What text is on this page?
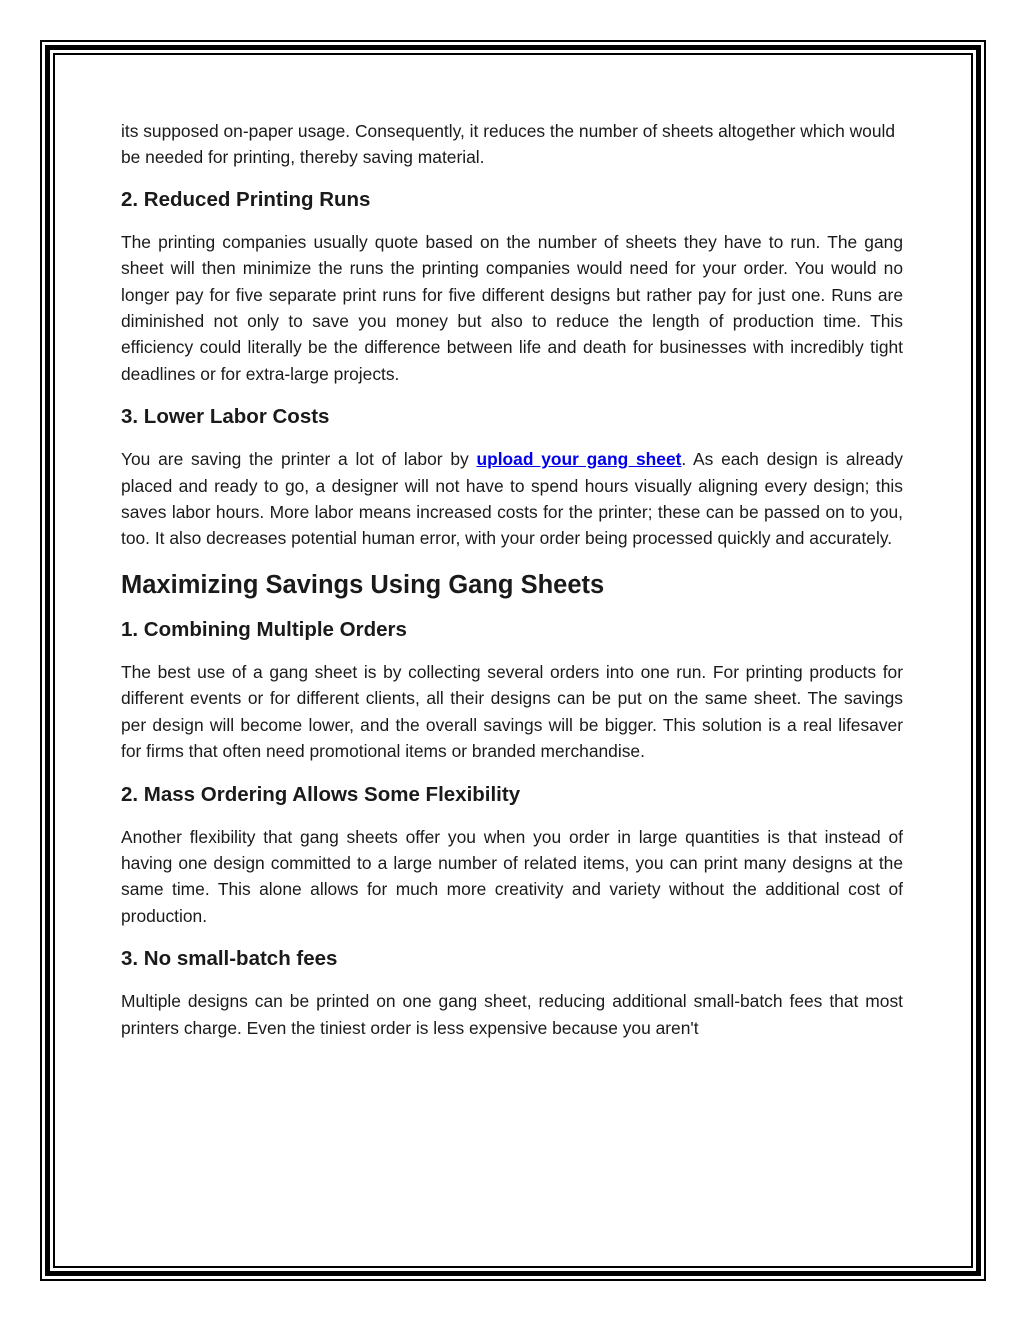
its supposed on-paper usage. Consequently, it reduces the number of sheets altogether which would be needed for printing, thereby saving material.

2. Reduced Printing Runs

The printing companies usually quote based on the number of sheets they have to run. The gang sheet will then minimize the runs the printing companies would need for your order. You would no longer pay for five separate print runs for five different designs but rather pay for just one. Runs are diminished not only to save you money but also to reduce the length of production time. This efficiency could literally be the difference between life and death for businesses with incredibly tight deadlines or for extra-large projects.

3. Lower Labor Costs

You are saving the printer a lot of labor by upload your gang sheet. As each design is already placed and ready to go, a designer will not have to spend hours visually aligning every design; this saves labor hours. More labor means increased costs for the printer; these can be passed on to you, too. It also decreases potential human error, with your order being processed quickly and accurately.

Maximizing Savings Using Gang Sheets
1. Combining Multiple Orders

The best use of a gang sheet is by collecting several orders into one run. For printing products for different events or for different clients, all their designs can be put on the same sheet. The savings per design will become lower, and the overall savings will be bigger. This solution is a real lifesaver for firms that often need promotional items or branded merchandise.

2. Mass Ordering Allows Some Flexibility

Another flexibility that gang sheets offer you when you order in large quantities is that instead of having one design committed to a large number of related items, you can print many designs at the same time. This alone allows for much more creativity and variety without the additional cost of production.

3. No small-batch fees

Multiple designs can be printed on one gang sheet, reducing additional small-batch fees that most printers charge. Even the tiniest order is less expensive because you aren't
